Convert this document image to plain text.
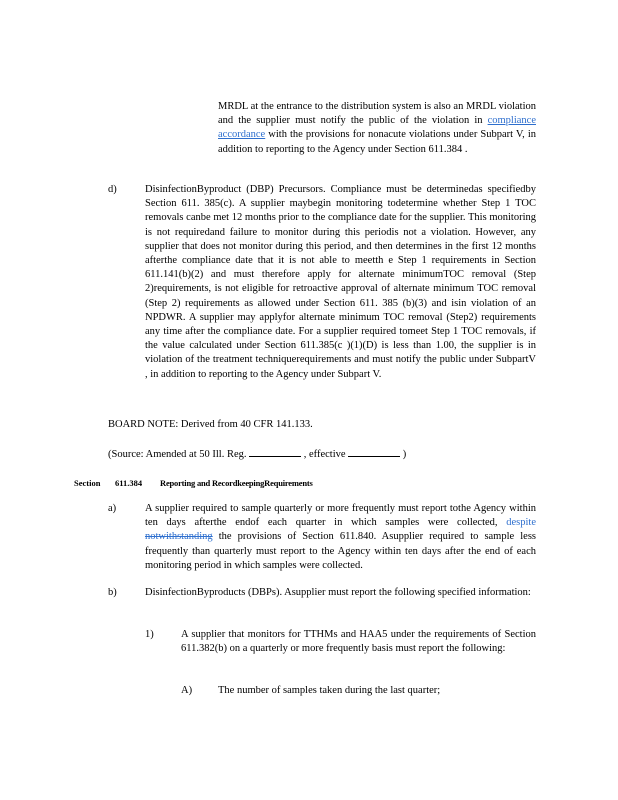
MRDL at the entrance to the distribution system is also an MRDL violation and the supplier must notify the public of the violation in compliance accordance with the provisions for nonacute violations under Subpart V, in addition to reporting to the Agency under Section 611.384 .
d)	DisinfectionByproduct (DBP) Precursors. Compliance must be determinedas specifiedby Section 611. 385(c). A supplier maybegin monitoring todetermine whether Step 1 TOC removals canbe met 12 months prior to the compliance date for the supplier. This monitoring is not requiredand failure to monitor during this periodis not a violation. However, any supplier that does not monitor during this period, and then determines in the first 12 months afterthe compliance date that it is not able to meetth e Step 1 requirements in Section 611.141(b)(2) and must therefore apply for alternate minimumTOC removal (Step 2)requirements, is not eligible for retroactive approval of alternate minimum TOC removal (Step 2) requirements as allowed under Section 611. 385 (b)(3) and isin violation of an NPDWR. A supplier may applyfor alternate minimum TOC removal (Step2) requirements any time after the compliance date. For a supplier required tomeet Step 1 TOC removals, if the value calculated under Section 611.385(c )(1)(D) is less than 1.00, the supplier is in violation of the treatment techniquerequirements and must notify the public under SubpartV , in addition to reporting to the Agency under Subpart V.
BOARD NOTE: Derived from 40 CFR 141.133.
(Source: Amended at 50 Ill. Reg.	, effective	)
Section 611.384 Reporting and RecordkeepingRequirements
a)	A supplier required to sample quarterly or more frequently must report tothe Agency within ten days afterthe endof each quarter in which samples were collected, despite notwithstanding the provisions of Section 611.840. Asupplier required to sample less frequently than quarterly must report to the Agency within ten days after the end of each monitoring period in which samples were collected.
b)	DisinfectionByproducts (DBPs). Asupplier must report the following specified information:
1)	A supplier that monitors for TTHMs and HAA5 under the requirements of Section 611.382(b) on a quarterly or more frequently basis must report the following:
A) The number of samples taken during the last quarter;
